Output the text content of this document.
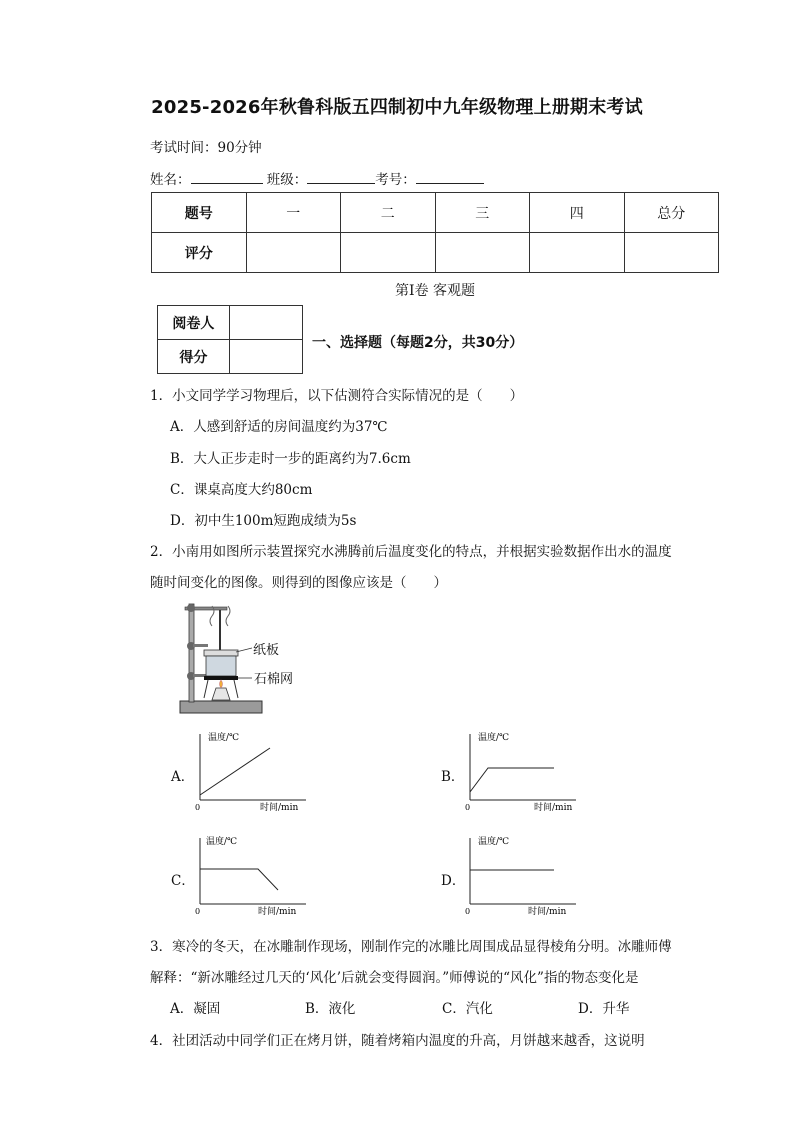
2025-2026年秋鲁科版五四制初中九年级物理上册期末考试
考试时间：90分钟
姓名：	班级：	考号：
题号	一	二	三	四	总分
评分					
第Ⅰ卷 客观题
阅卷人	
得分	
一、选择题（每题2分，共30分）
1．小文同学学习物理后，以下估测符合实际情况的是（　　）
A．人感到舒适的房间温度约为37℃
B．大人正步走时一步的距离约为7.6cm
C．课桌高度大约80cm
D．初中生100m短跑成绩为5s
2．小南用如图所示装置探究水沸腾前后温度变化的特点，并根据实验数据作出水的温度
随时间变化的图像。则得到的图像应该是（　　）
纸板
石棉网
A．	B．
C．	D．
温度/℃
0	时间/min
温度/℃
0	时间/min
温度/℃
0	时间/min
温度/℃
0	时间/min
3．寒冷的冬天，在冰雕制作现场，刚制作完的冰雕比周围成品显得棱角分明。冰雕师傅
解释：“新冰雕经过几天的‘风化’后就会变得圆润。”师傅说的“风化”指的物态变化是
A．凝固	B．液化	C．汽化	D．升华
4．社团活动中同学们正在烤月饼，随着烤箱内温度的升高，月饼越来越香，这说明
